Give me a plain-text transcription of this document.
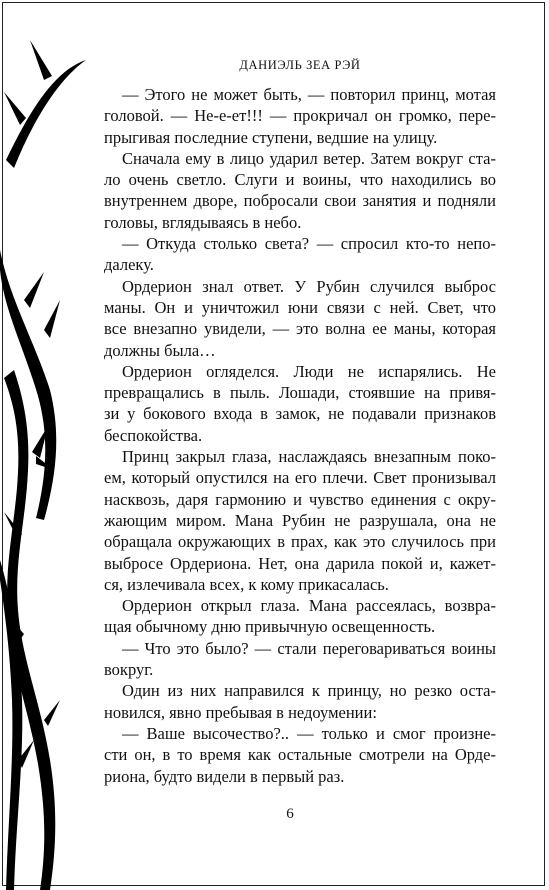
ДАНИЭЛЬ ЗЕА РЭЙ

— Этого не может быть, — повторил принц, мотая

головой. — Не-е-ет!!! — прокричал он громко, пере-

прыгивая последние ступени, ведшие на улицу.

Сначала ему в лицо ударил ветер. Затем вокруг ста-

ло очень светло. Слуги и воины, что находились во

внутреннем дворе, побросали свои занятия и подняли

головы, вглядываясь в небо.

— Откуда столько света? — спросил кто-то непо-

далеку.

Ордерион знал ответ. У Рубин случился выброс

маны. Он и уничтожил юни связи с ней. Свет, что

все внезапно увидели, — это волна ее маны, которая

должны была…

Ордерион огляделся. Люди не испарялись. Не

превращались в пыль. Лошади, стоявшие на привя-

зи у бокового входа в замок, не подавали признаков

беспокойства.

Принц закрыл глаза, наслаждаясь внезапным поко-

ем, который опустился на его плечи. Свет пронизывал

насквозь, даря гармонию и чувство единения с окру-

жающим миром. Мана Рубин не разрушала, она не

обращала окружающих в прах, как это случилось при

выбросе Ордериона. Нет, она дарила покой и, кажет-

ся, излечивала всех, к кому прикасалась.

Ордерион открыл глаза. Мана рассеялась, возвра-

щая обычному дню привычную освещенность.

— Что это было? — стали переговариваться воины

вокруг.

Один из них направился к принцу, но резко оста-

новился, явно пребывая в недоумении:

— Ваше высочество?.. — только и смог произне-

сти он, в то время как остальные смотрели на Орде-

риона, будто видели в первый раз.

6
